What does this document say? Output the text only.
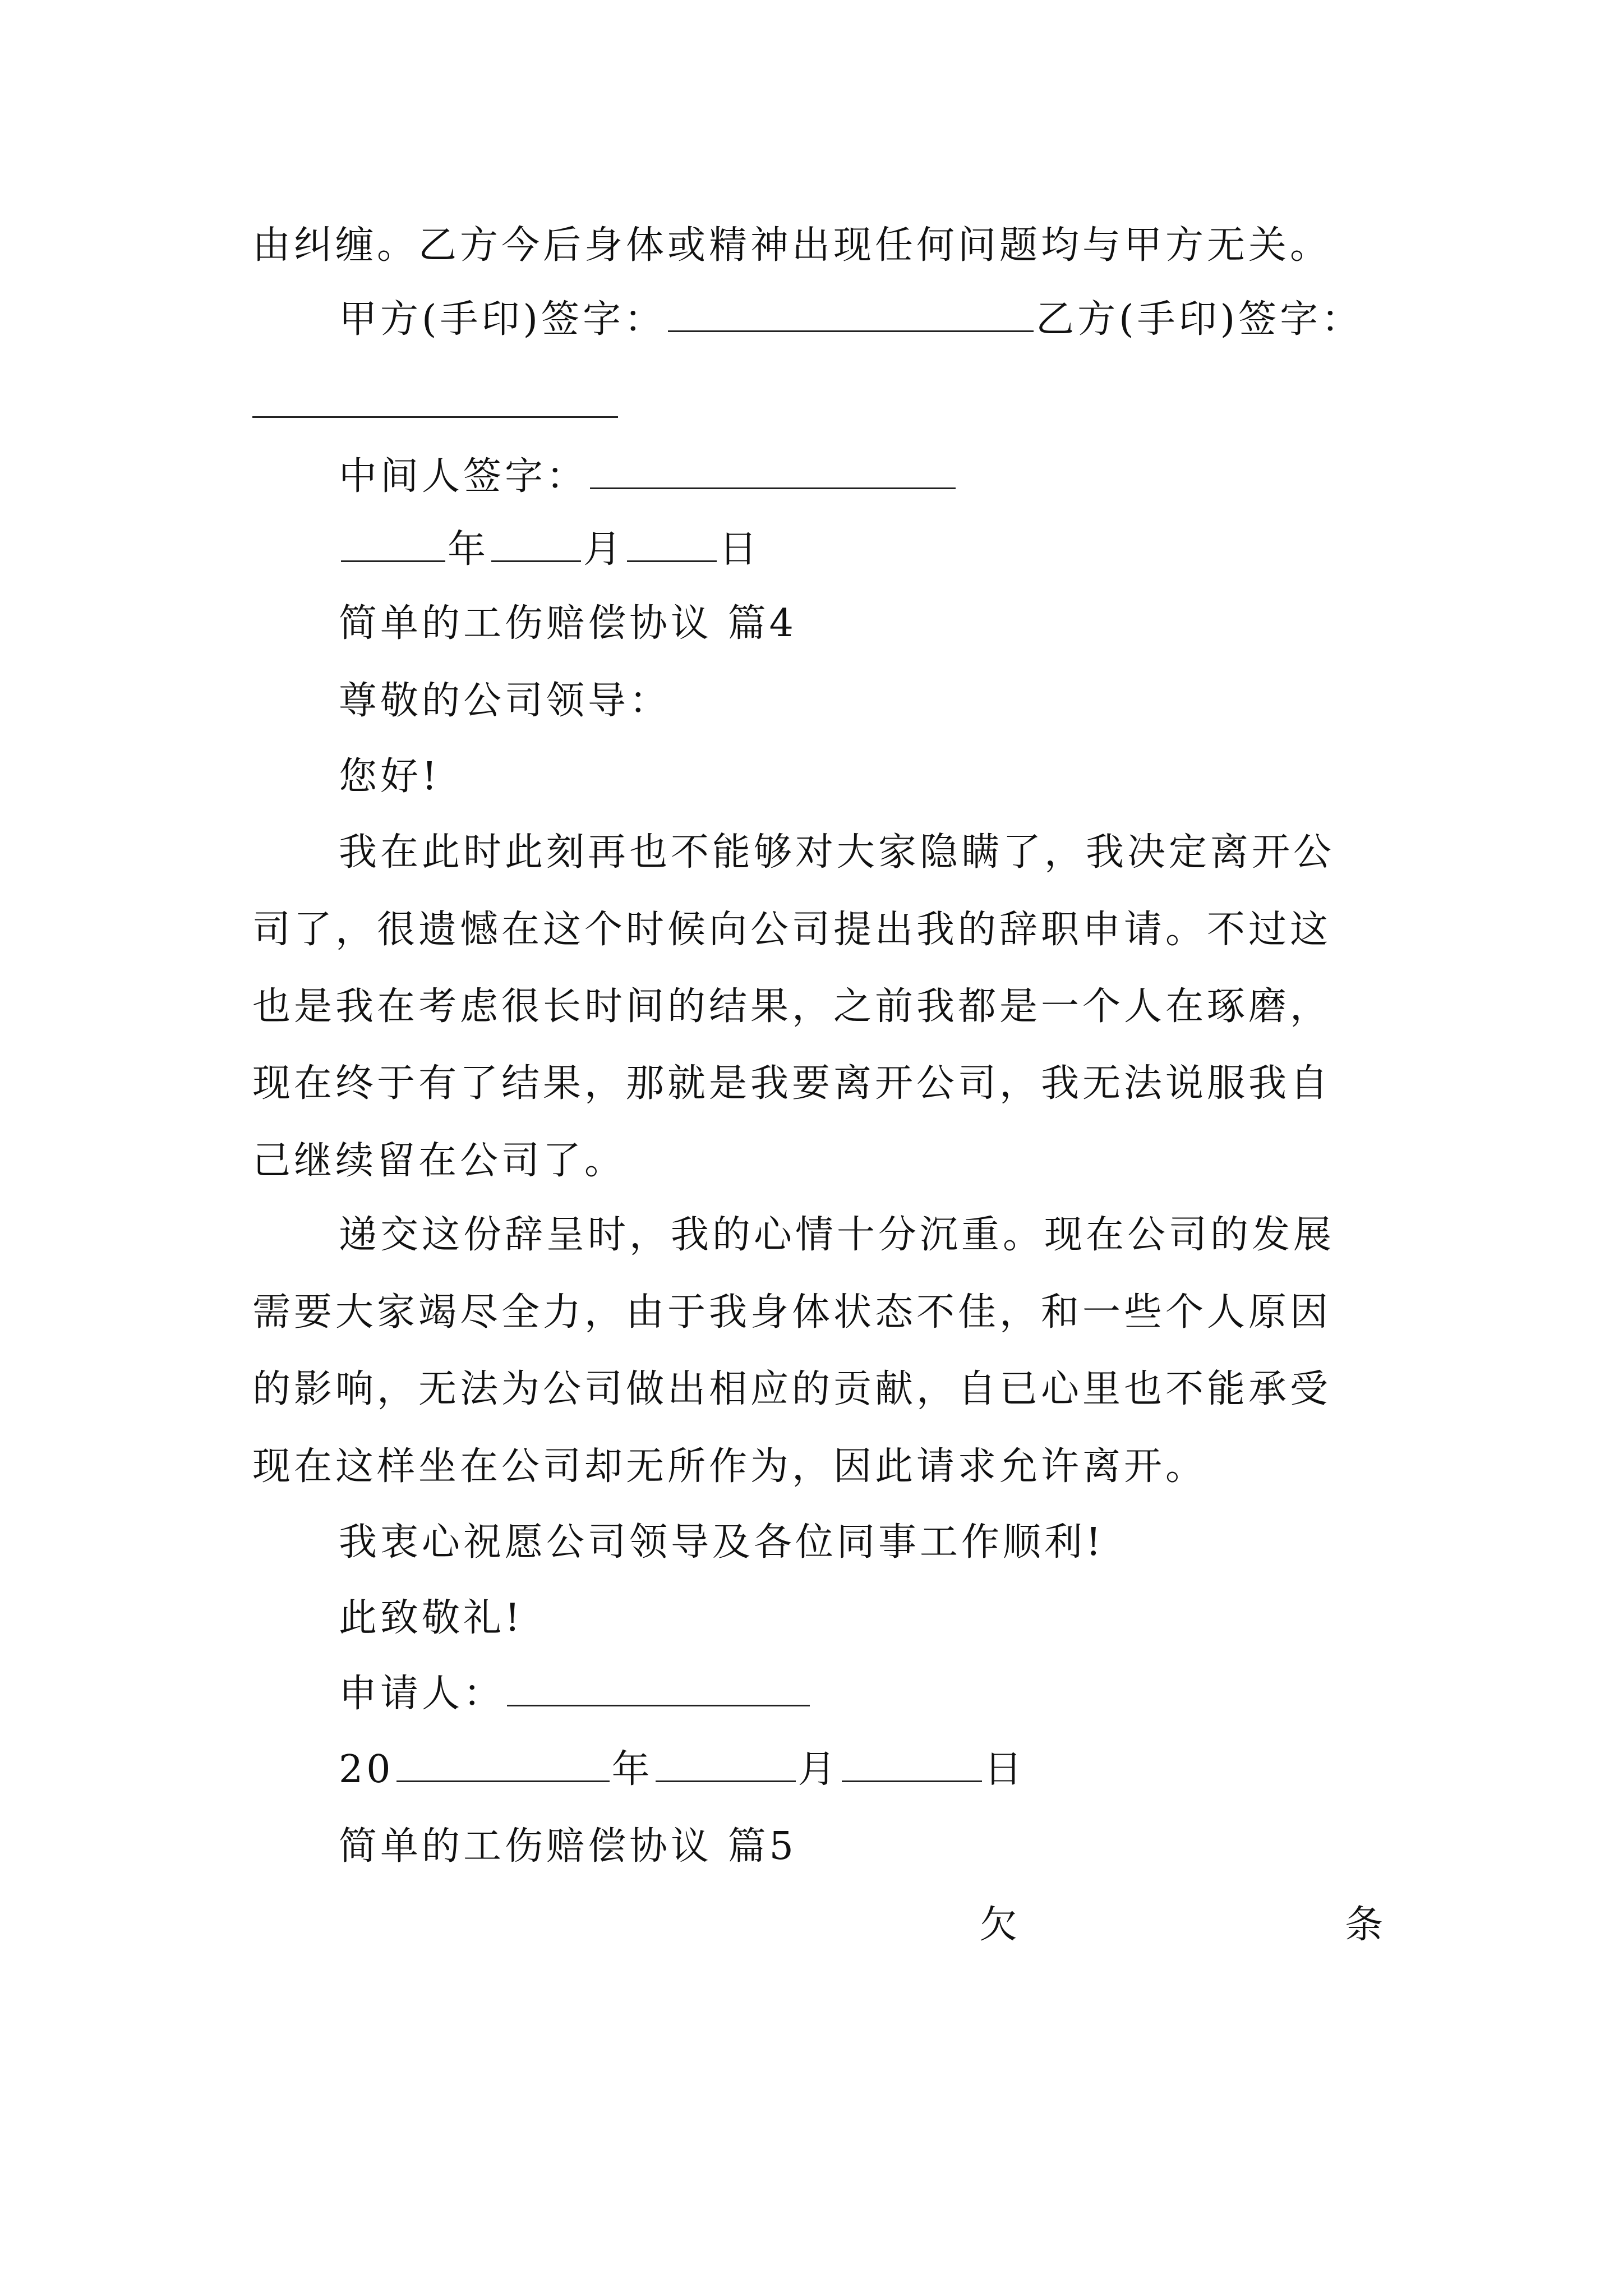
由纠缠。乙方今后身体或精神出现任何问题均与甲方无关。
甲方(手印)签字：	乙方(手印)签字：
中间人签字：
年 月 日
简单的工伤赔偿协议 篇4
尊敬的公司领导：
您好!
我在此时此刻再也不能够对大家隐瞒了，我决定离开公
司了，很遗憾在这个时候向公司提出我的辞职申请。不过这
也是我在考虑很长时间的结果，之前我都是一个人在琢磨，
现在终于有了结果，那就是我要离开公司，我无法说服我自
己继续留在公司了。
递交这份辞呈时，我的心情十分沉重。现在公司的发展
需要大家竭尽全力，由于我身体状态不佳，和一些个人原因
的影响，无法为公司做出相应的贡献，自已心里也不能承受
现在这样坐在公司却无所作为，因此请求允许离开。
我衷心祝愿公司领导及各位同事工作顺利!
此致敬礼!
申请人：
20	年	月	日
简单的工伤赔偿协议 篇5
欠	条
